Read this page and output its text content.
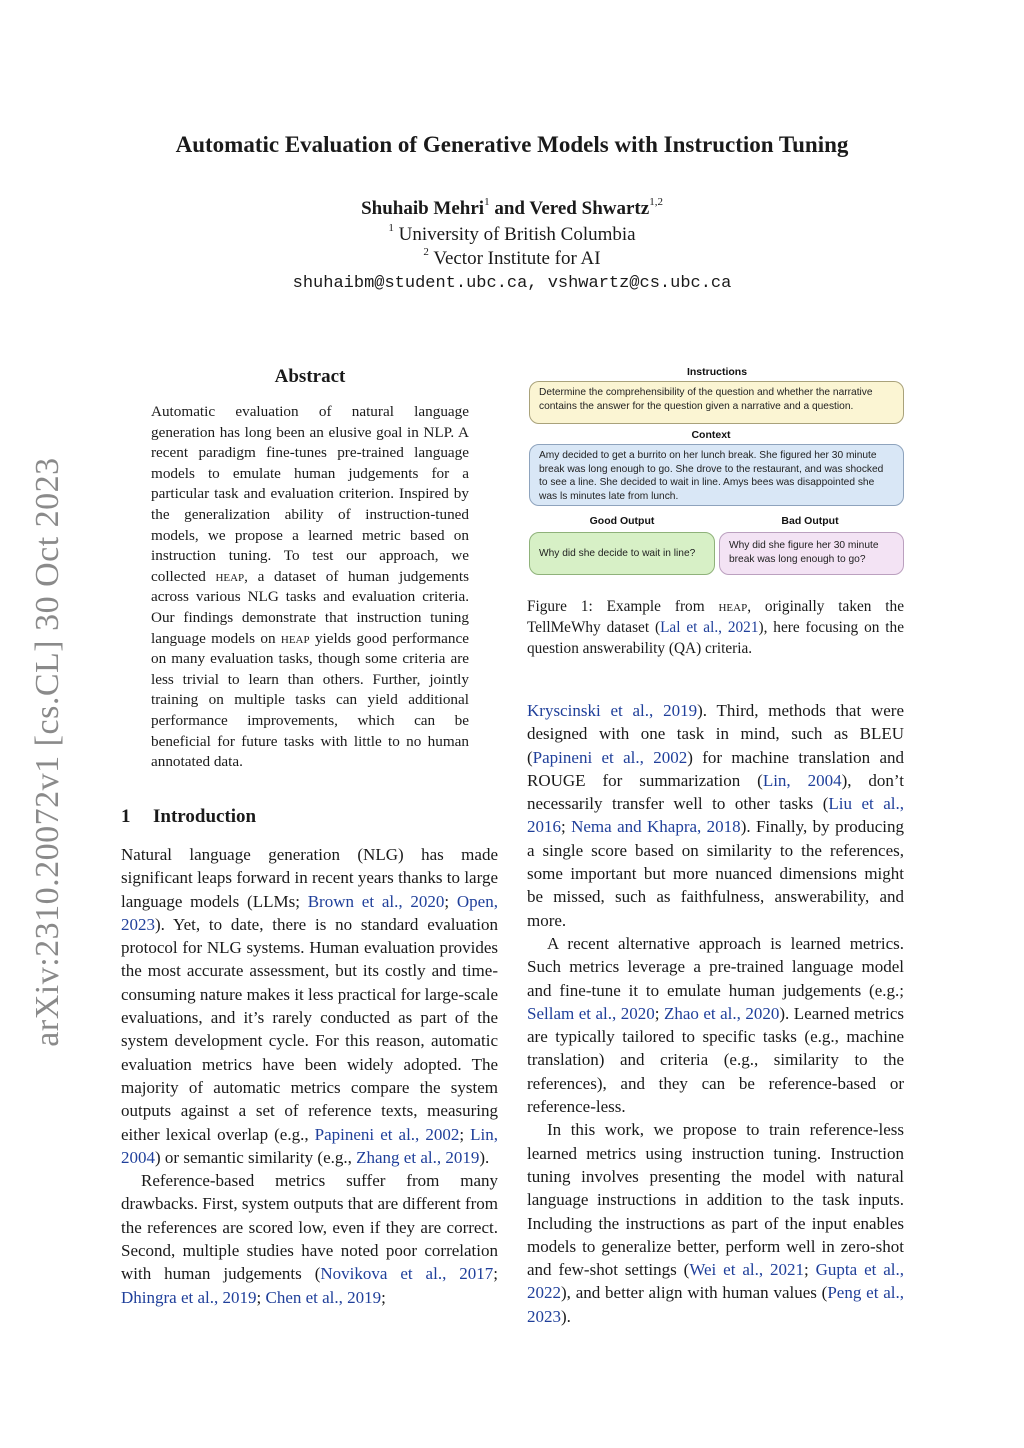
arXiv:2310.20072v1 [cs.CL] 30 Oct 2023
Automatic Evaluation of Generative Models with Instruction Tuning
Shuhaib Mehri$^1$ and Vered Shwartz$^{1,2}$
$^1$ University of British Columbia
$^2$ Vector Institute for AI
shuhaibm@student.ubc.ca, vshwartz@cs.ubc.ca
Abstract

Automatic evaluation of natural language generation has long been an elusive goal in NLP. A recent paradigm fine-tunes pre-trained language models to emulate human judgements for a particular task and evaluation criterion. Inspired by the generalization ability of instruction-tuned models, we propose a learned metric based on instruction tuning. To test our approach, we collected heap, a dataset of human judgements across various NLG tasks and evaluation criteria. Our findings demonstrate that instruction tuning language models on heap yields good performance on many evaluation tasks, though some criteria are less trivial to learn than others. Further, jointly training on multiple tasks can yield additional performance improvements, which can be beneficial for future tasks with little to no human annotated data.

1 Introduction

Natural language generation (NLG) has made significant leaps forward in recent years thanks to large language models (LLMs; Brown et al., 2020; Open, 2023). Yet, to date, there is no standard evaluation protocol for NLG systems. Human evaluation provides the most accurate assessment, but its costly and time-consuming nature makes it less practical for large-scale evaluations, and it’s rarely conducted as part of the system development cycle. For this reason, automatic evaluation metrics have been widely adopted. The majority of automatic metrics compare the system outputs against a set of reference texts, measuring either lexical overlap (e.g., Papineni et al., 2002; Lin, 2004) or semantic similarity (e.g., Zhang et al., 2019).

Reference-based metrics suffer from many drawbacks. First, system outputs that are different from the references are scored low, even if they are correct. Second, multiple studies have noted poor correlation with human judgements (Novikova et al., 2017; Dhingra et al., 2019; Chen et al., 2019;

Instructions
Determine the comprehensibility of the question and whether the narrative contains the answer for the question given a narrative and a question.
Context
Amy decided to get a burrito on her lunch break. She figured her 30 minute break was long enough to go. She drove to the restaurant, and was shocked to see a line. She decided to wait in line. Amys bees was disappointed she was ls minutes late from lunch.
Good Output	Bad Output
Why did she decide to wait in line?
Why did she figure her 30 minute break was long enough to go?
Figure 1: Example from heap, originally taken the TellMeWhy dataset (Lal et al., 2021), here focusing on the question answerability (QA) criteria.

Kryscinski et al., 2019). Third, methods that were designed with one task in mind, such as BLEU (Papineni et al., 2002) for machine translation and ROUGE for summarization (Lin, 2004), don’t necessarily transfer well to other tasks (Liu et al., 2016; Nema and Khapra, 2018). Finally, by producing a single score based on similarity to the references, some important but more nuanced dimensions might be missed, such as faithfulness, answerability, and more.

A recent alternative approach is learned metrics. Such metrics leverage a pre-trained language model and fine-tune it to emulate human judgements (e.g.; Sellam et al., 2020; Zhao et al., 2020). Learned metrics are typically tailored to specific tasks (e.g., machine translation) and criteria (e.g., similarity to the references), and they can be reference-based or reference-less.

In this work, we propose to train reference-less learned metrics using instruction tuning. Instruction tuning involves presenting the model with natural language instructions in addition to the task inputs. Including the instructions as part of the input enables models to generalize better, perform well in zero-shot and few-shot settings (Wei et al., 2021; Gupta et al., 2022), and better align with human values (Peng et al., 2023).
